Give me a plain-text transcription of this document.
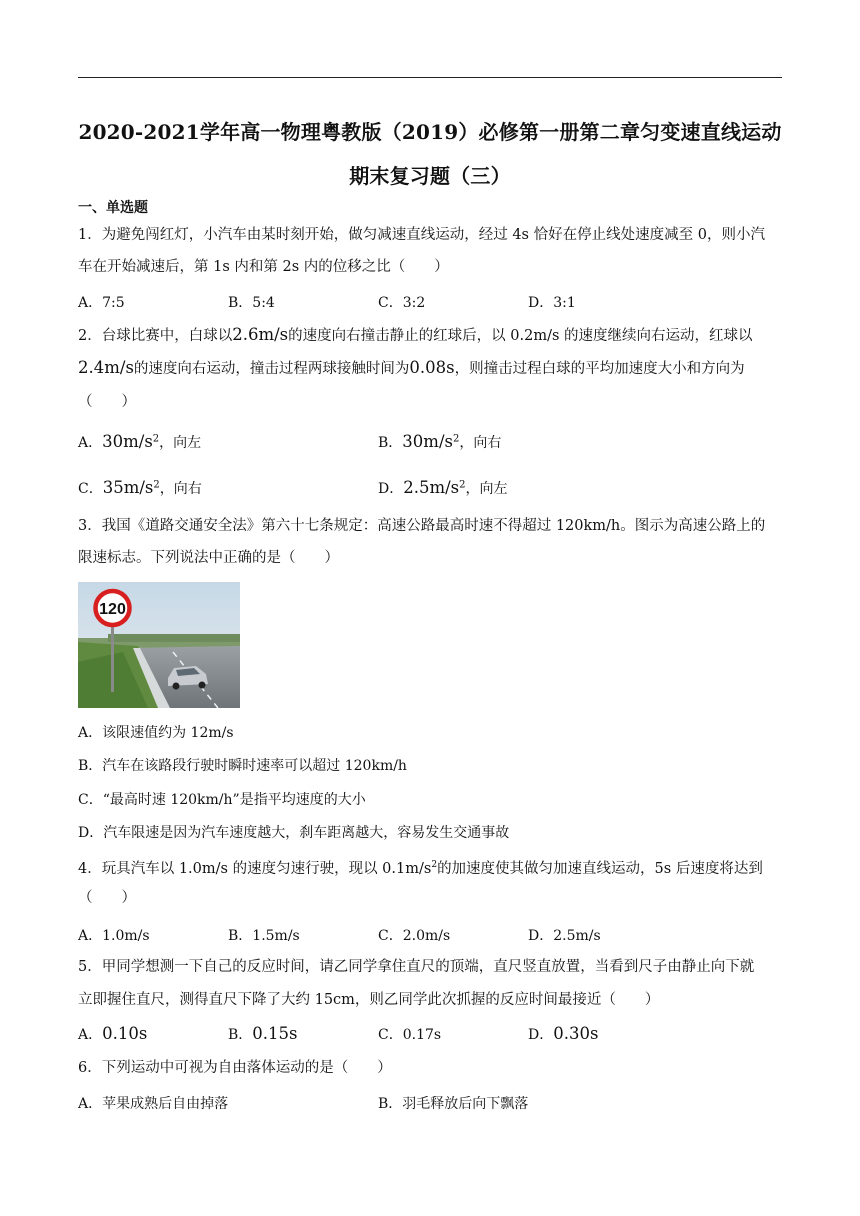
2020-2021学年高一物理粤教版（2019）必修第一册第二章匀变速直线运动
期末复习题（三）
一、单选题
1．为避免闯红灯，小汽车由某时刻开始，做匀减速直线运动，经过 4s 恰好在停止线处速度减至 0，则小汽
车在开始减速后，第 1s 内和第 2s 内的位移之比（　　）
A．7:5	B．5:4	C．3:2	D．3:1
2．台球比赛中，白球以2.6m/s的速度向右撞击静止的红球后，以 0.2m/s 的速度继续向右运动，红球以
2.4m/s的速度向右运动，撞击过程两球接触时间为0.08s，则撞击过程白球的平均加速度大小和方向为
（　　）
A．$30m/s^2$，向左	B．$30m/s^2$，向右
C．$35m/s^2$，向右	D．$2.5m/s^2$，向左
3．我国《道路交通安全法》第六十七条规定：高速公路最高时速不得超过 120km/h。图示为高速公路上的
限速标志。下列说法中正确的是（　　）
120
A．该限速值约为 12m/s
B．汽车在该路段行驶时瞬时速率可以超过 120km/h
C．“最高时速 120km/h”是指平均速度的大小
D．汽车限速是因为汽车速度越大，刹车距离越大，容易发生交通事故
4．玩具汽车以 1.0m/s 的速度匀速行驶，现以 $0.1m/s^2$的加速度使其做匀加速直线运动，5s 后速度将达到
（　　）
A．1.0m/s	B．1.5m/s	C．2.0m/s	D．2.5m/s
5．甲同学想测一下自己的反应时间，请乙同学拿住直尺的顶端，直尺竖直放置，当看到尺子由静止向下就
立即握住直尺，测得直尺下降了大约 15cm，则乙同学此次抓握的反应时间最接近（　　）
A．0.10s	B．0.15s	C．0.17s	D．0.30s
6．下列运动中可视为自由落体运动的是（　　）
A．苹果成熟后自由掉落	B．羽毛释放后向下飘落
